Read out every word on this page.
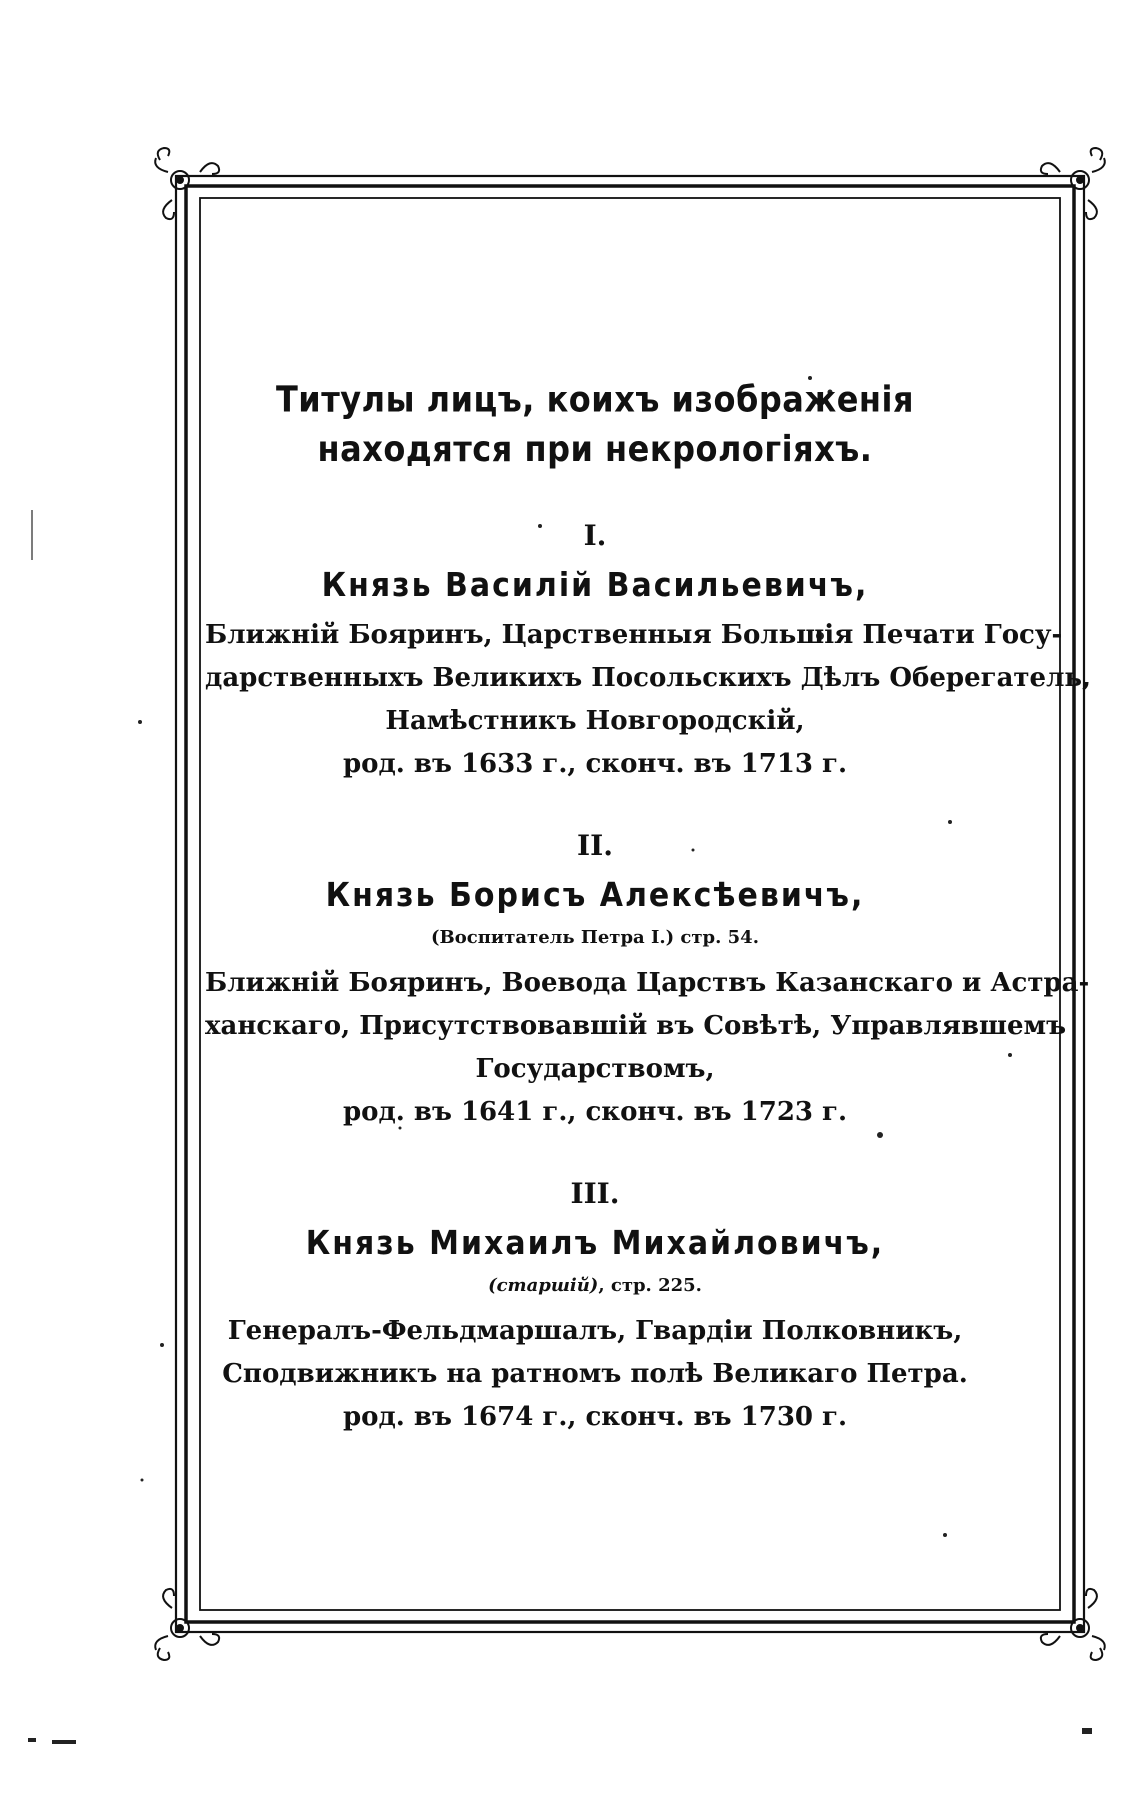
Титулы лицъ, коихъ изображенія
находятся при некрологіяхъ.
I.
Князь Василій Васильевичъ,
Ближній Бояринъ, Царственныя Большія Печати Госу-
дарственныхъ Великихъ Посольскихъ Дѣлъ Оберегатель,
Намѣстникъ Новгородскій,
род. въ 1633 г., сконч. въ 1713 г.
II.
Князь Борисъ Алексѣевичъ,
(Воспитатель Петра I.) стр. 54.
Ближній Бояринъ, Воевода Царствъ Казанскаго и Астра-
ханскаго, Присутствовавшій въ Совѣтѣ, Управлявшемъ
Государствомъ,
род. въ 1641 г., сконч. въ 1723 г.
III.
Князь Михаилъ Михайловичъ,
(старшій), стр. 225.
Генералъ-Фельдмаршалъ, Гвардіи Полковникъ,
Сподвижникъ на ратномъ полѣ Великаго Петра.
род. въ 1674 г., сконч. въ 1730 г.
